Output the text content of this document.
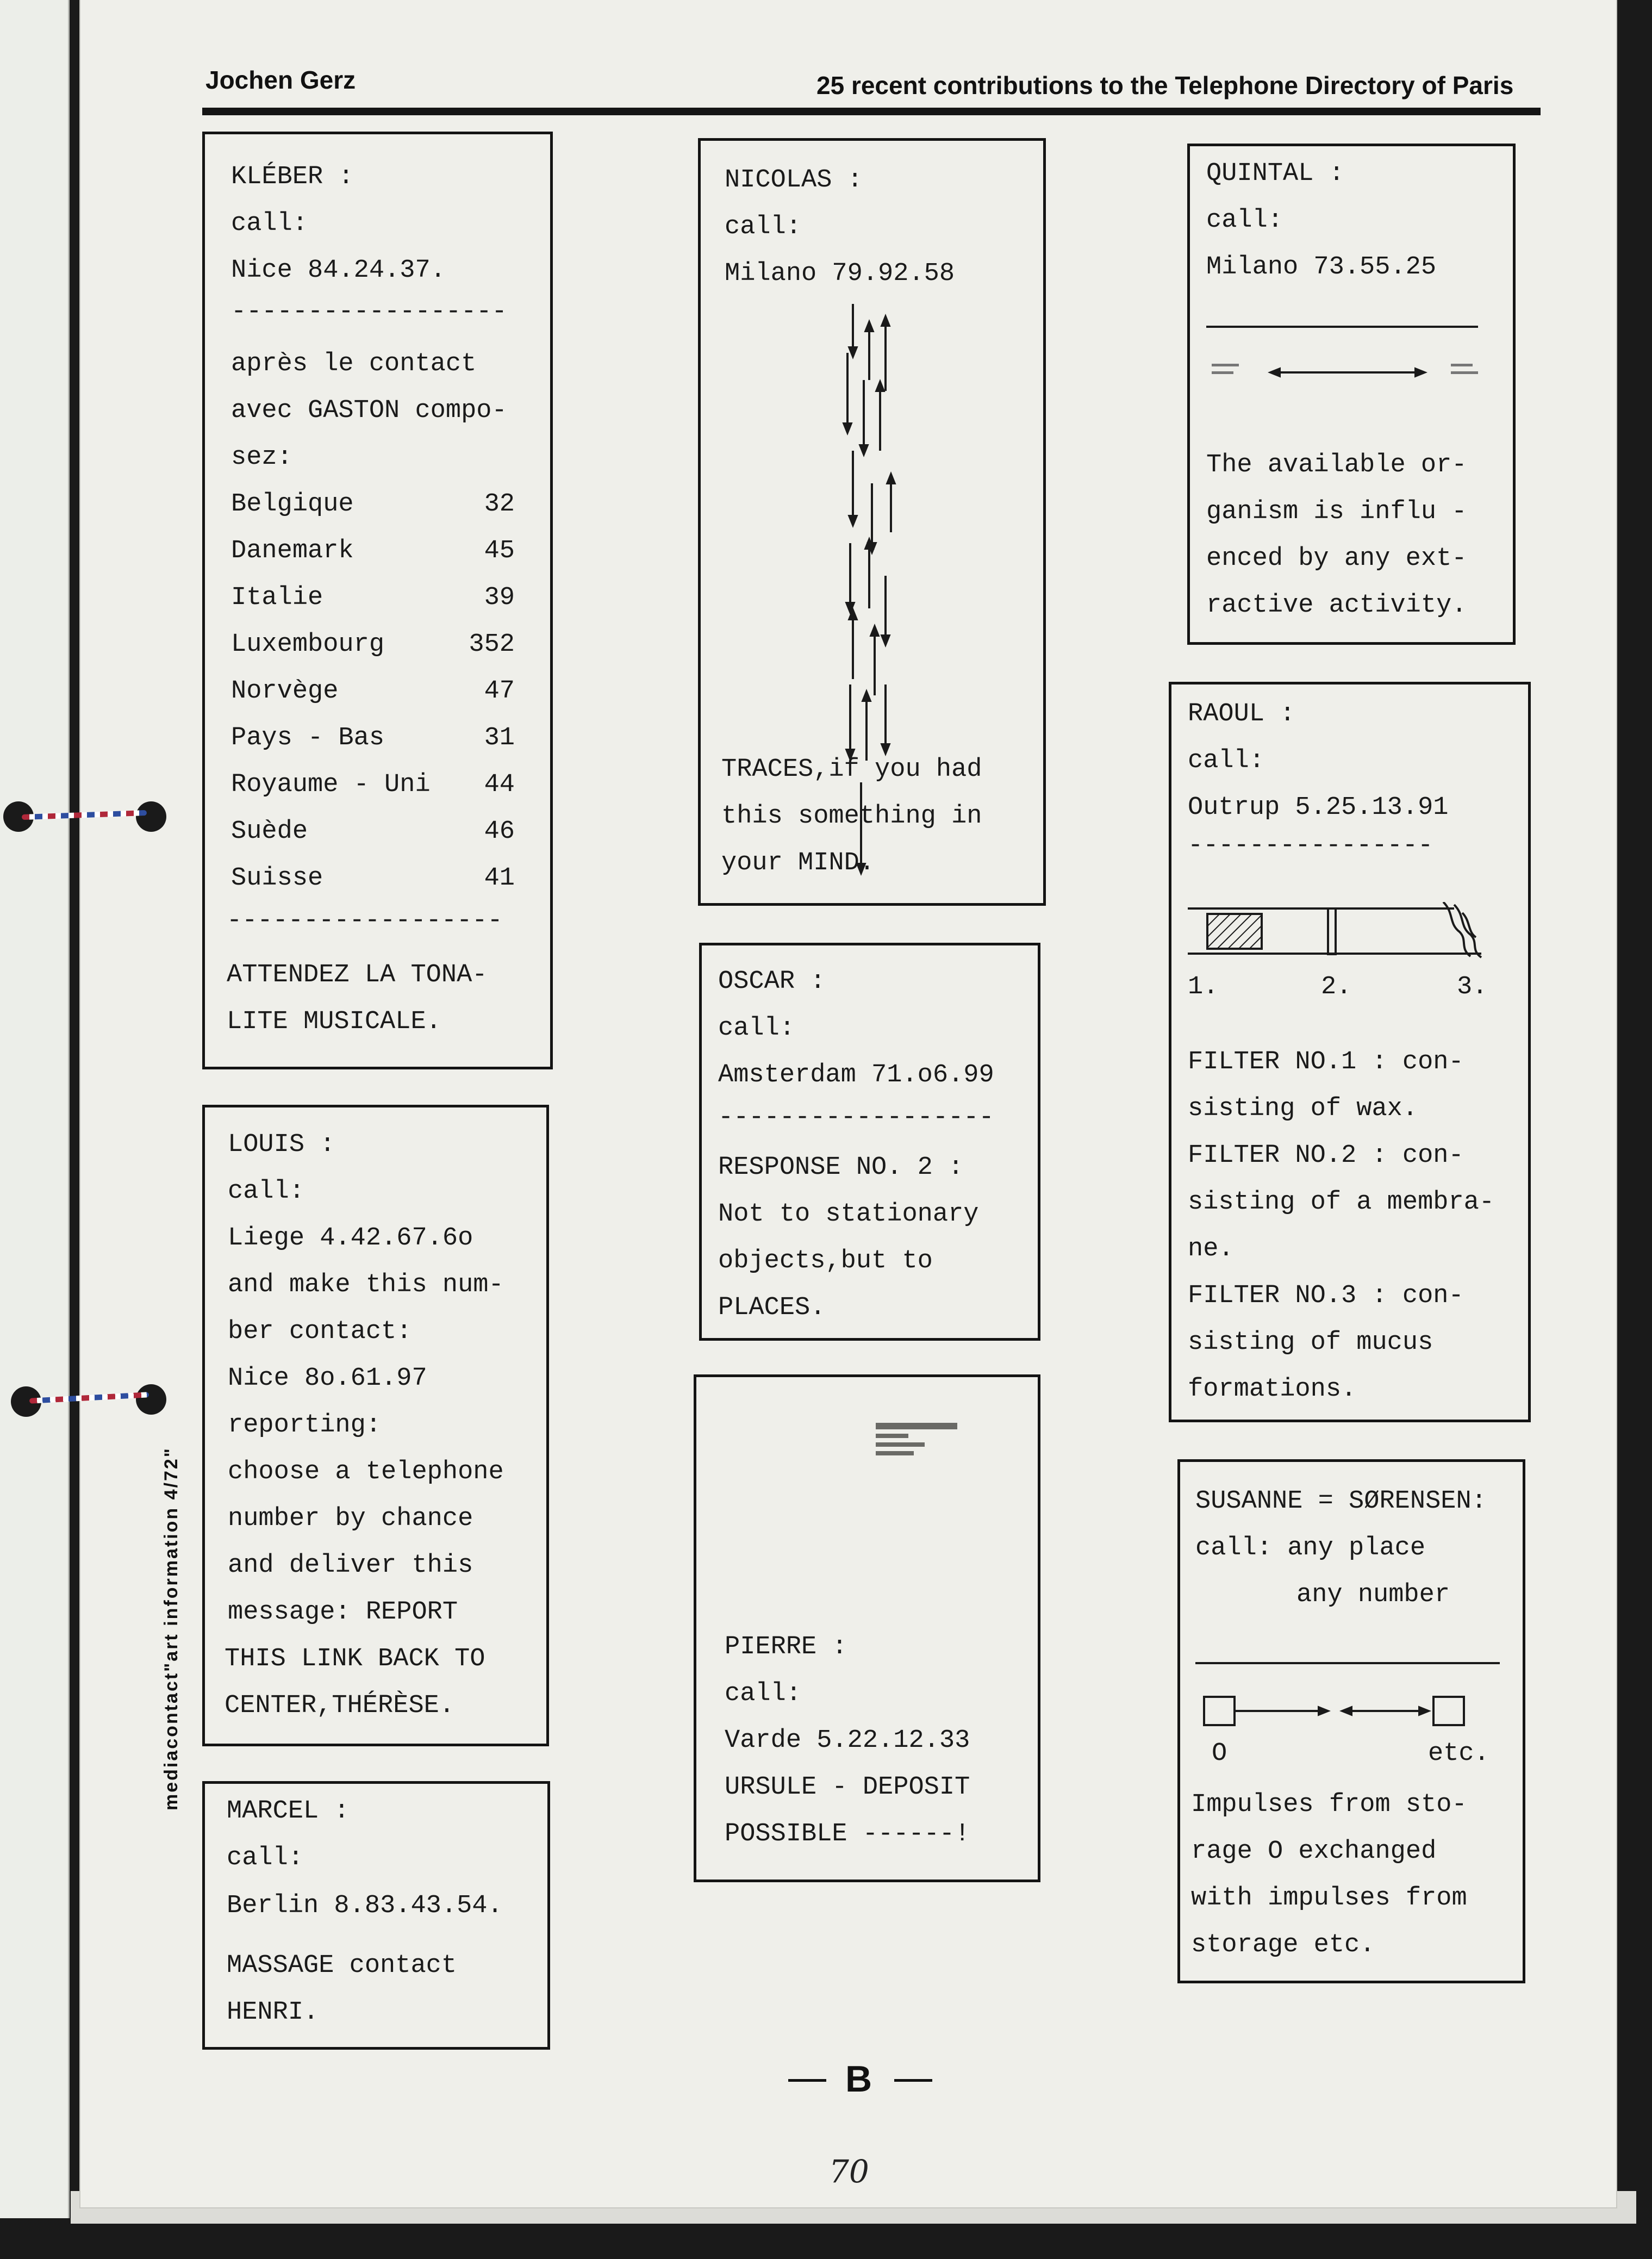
Jochen Gerz	25 recent contributions to the Telephone Directory of Paris
mediacontact"art information 4/72"
KLÉBER :
call:
Nice 84.24.37.
------------------
après le contact
avec GASTON compo-
sez:
Belgique	32
Danemark	45
Italie	39
Luxembourg	352
Norvège	47
Pays - Bas	31
Royaume - Uni	44
Suède	46
Suisse	41
------------------
ATTENDEZ LA TONA-
LITE MUSICALE.
LOUIS :
call:
Liege 4.42.67.6o
and make this num-
ber contact:
Nice 8o.61.97
reporting:
choose a telephone
number by chance
and deliver this
message: REPORT
THIS LINK BACK TO
CENTER,THÉRÈSE.
MARCEL :
call:
Berlin 8.83.43.54.
MASSAGE contact
HENRI.
NICOLAS :
call:
Milano 79.92.58
TRACES,if you had
this something in
your MIND.
OSCAR :
call:
Amsterdam 71.o6.99
------------------
RESPONSE NO. 2 :
Not to stationary
objects,but to
PLACES.
PIERRE :
call:
Varde 5.22.12.33
URSULE - DEPOSIT
POSSIBLE ------!
QUINTAL :
call:
Milano 73.55.25
The available or-
ganism is influ -
enced by any ext-
ractive activity.
RAOUL :
call:
Outrup 5.25.13.91
----------------
1.	2.	3.
FILTER NO.1 : con-
sisting of wax.
FILTER NO.2 : con-
sisting of a membra-
ne.
FILTER NO.3 : con-
sisting of mucus
formations.
SUSANNE = SØRENSEN:
call: any place
any number
O	etc.
Impulses from sto-
rage O exchanged
with impulses from
storage etc.
B
70
